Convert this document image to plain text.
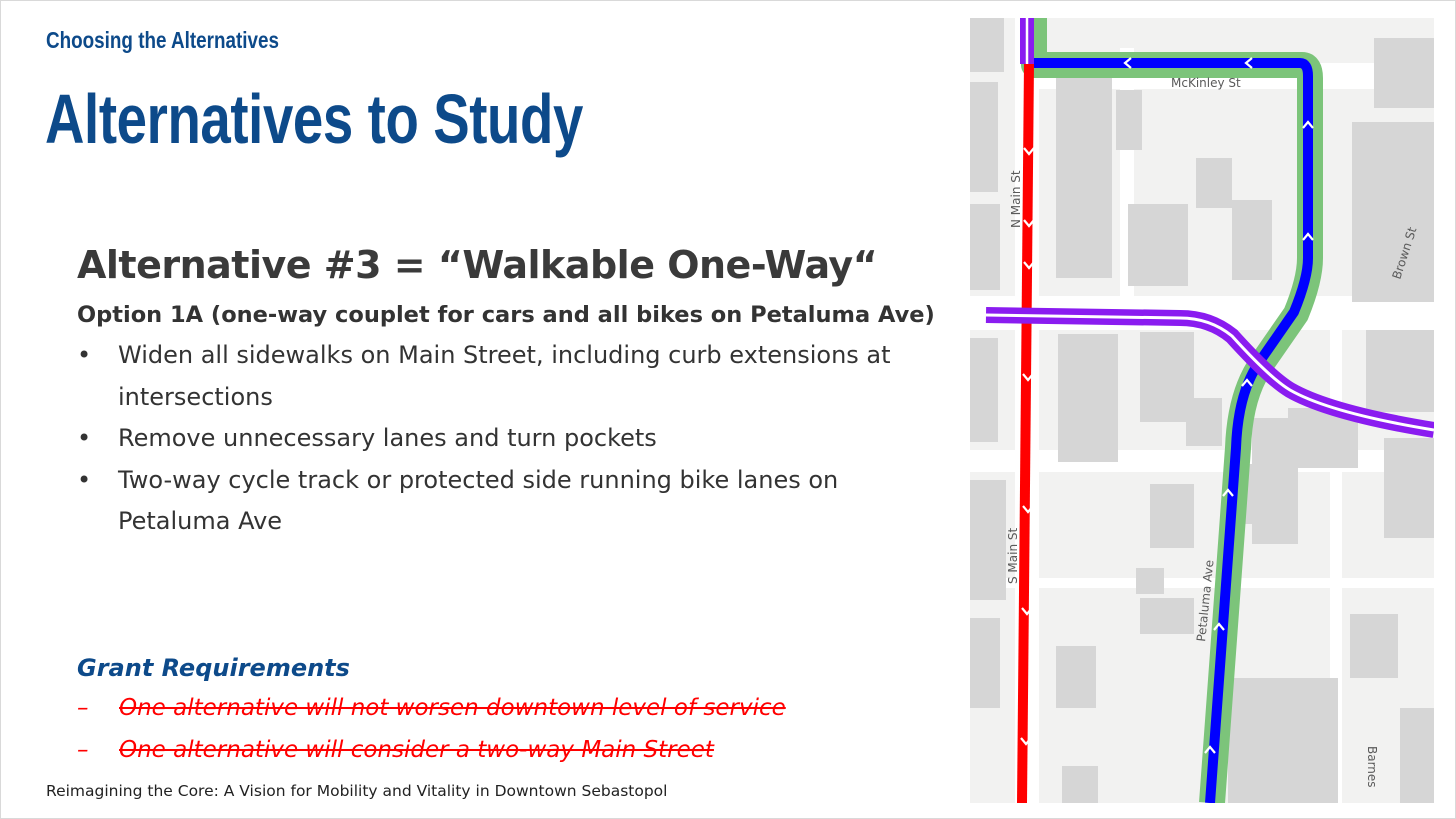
Choosing the Alternatives
Alternatives to Study
Alternative #3 = “Walkable One-Way“
Option 1A (one-way couplet for cars and all bikes on Petaluma Ave)
• Widen all sidewalks on Main Street, including curb extensions at intersections
• Remove unnecessary lanes and turn pockets
• Two-way cycle track or protected side running bike lanes on Petaluma Ave
Grant Requirements
– One alternative will not worsen downtown level of service
– One alternative will consider a two-way Main Street
Reimagining the Core: A Vision for Mobility and Vitality in Downtown Sebastopol
McKinley St
N Main St
S Main St
Brown St
Petaluma Ave
Barnes
